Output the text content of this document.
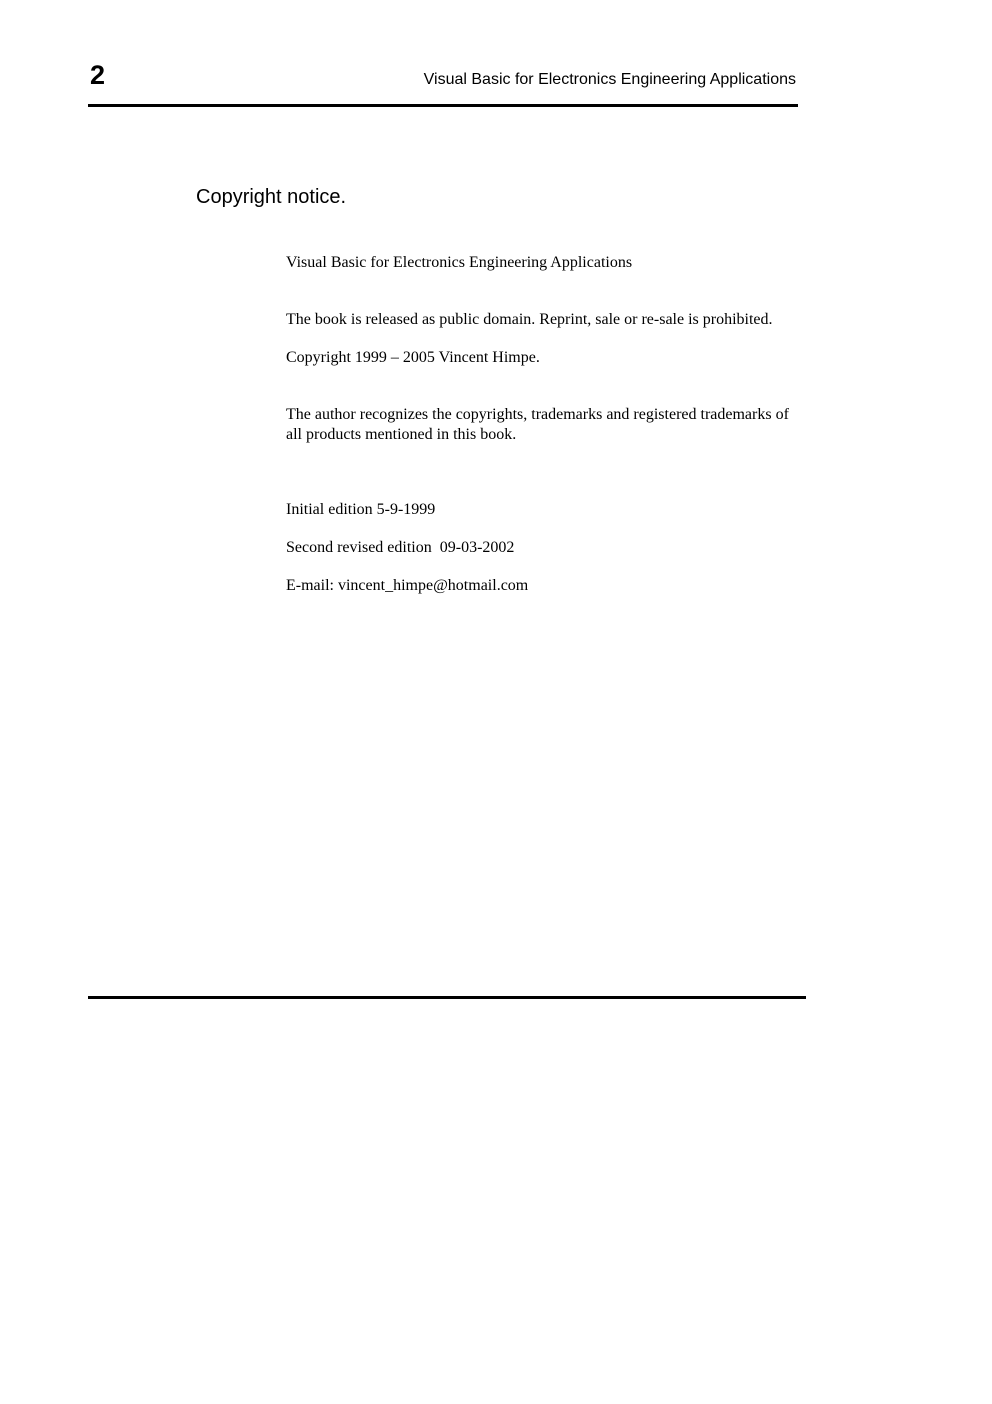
2	Visual Basic for Electronics Engineering Applications
Copyright notice.

Visual Basic for Electronics Engineering Applications

The book is released as public domain. Reprint, sale or re-sale is prohibited.

Copyright 1999 – 2005 Vincent Himpe.

The author recognizes the copyrights, trademarks and registered trademarks of all products mentioned in this book.

Initial edition 5-9-1999

Second revised edition  09-03-2002

E-mail: vincent_himpe@hotmail.com
